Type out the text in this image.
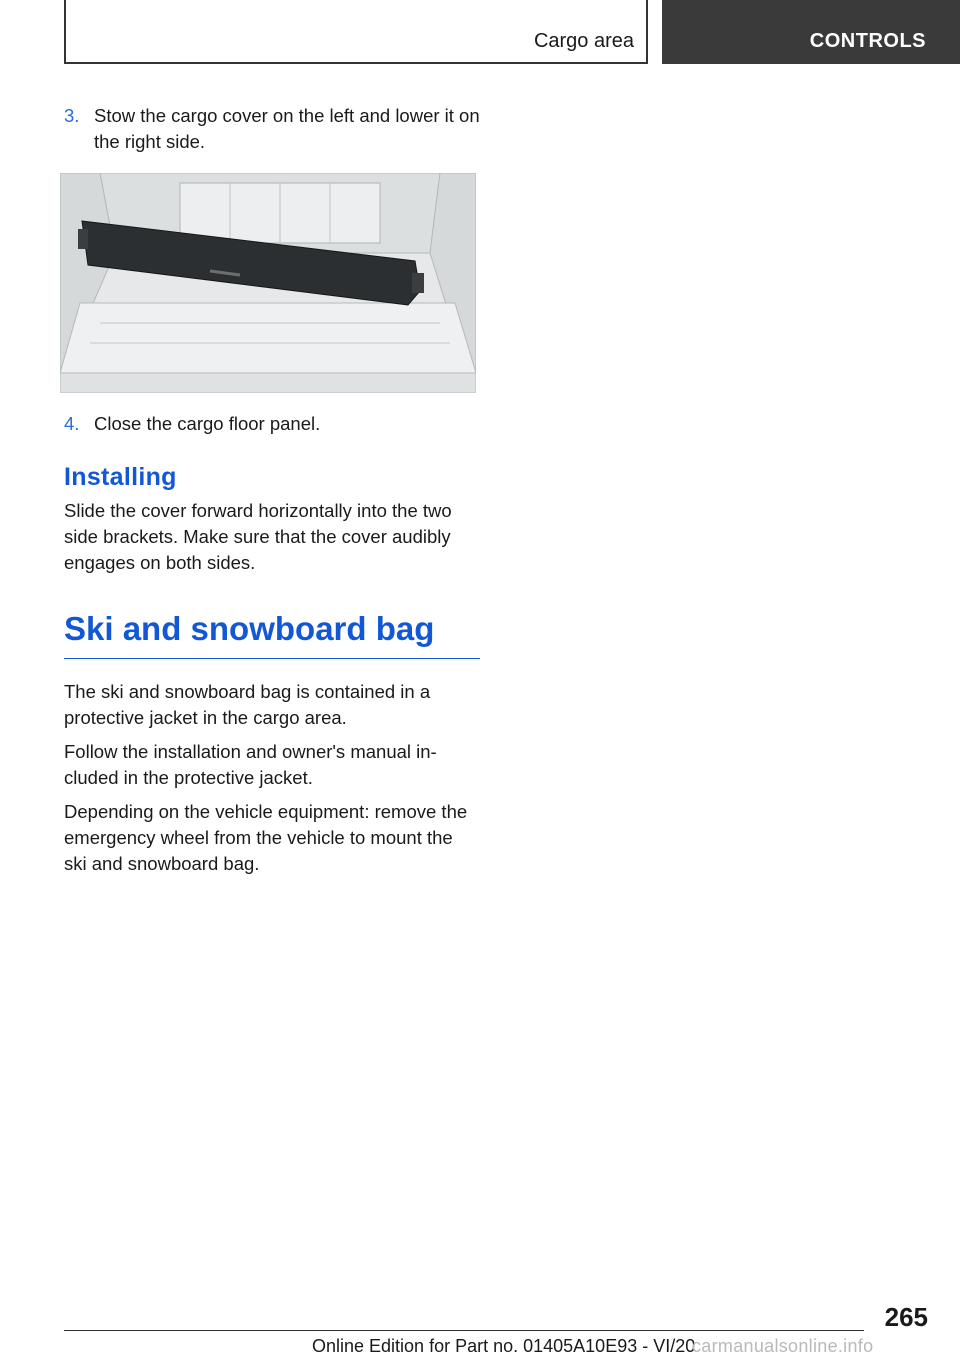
Cargo area	CONTROLS
3. Stow the cargo cover on the left and lower it on the right side.
4. Close the cargo floor panel.
Installing

Slide the cover forward horizontally into the two side brackets. Make sure that the cover audibly engages on both sides.

Ski and snowboard bag

The ski and snowboard bag is contained in a protective jacket in the cargo area.

Follow the installation and owner's manual included in the protective jacket.

Depending on the vehicle equipment: remove the emergency wheel from the vehicle to mount the ski and snowboard bag.

265
Online Edition for Part no. 01405A10E93 - VI/20
carmanualsonline.info
